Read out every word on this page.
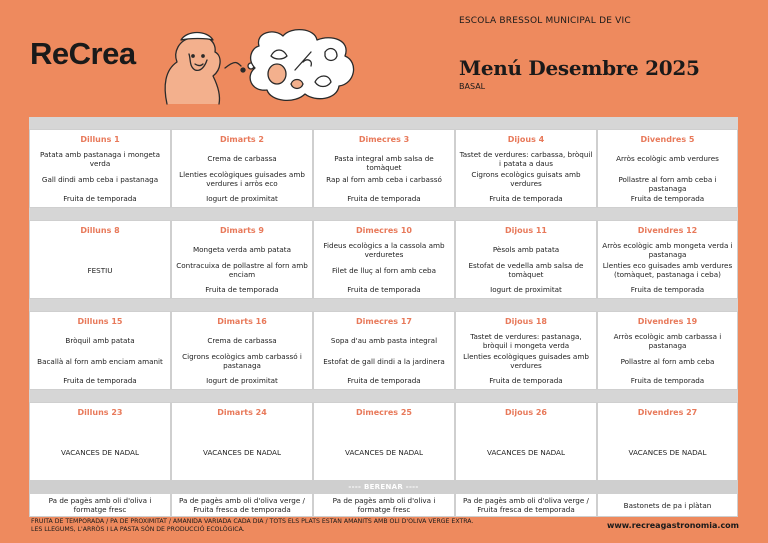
ReCrea
ESCOLA BRESSOL MUNICIPAL DE VIC
Menú Desembre 2025
BASAL
Dilluns 1
Patata amb pastanaga i mongeta verda
Gall dindi amb ceba i pastanaga
Fruita de temporada
Dimarts 2
Crema de carbassa
Llenties ecològiques guisades amb verdures i arròs eco
Iogurt de proximitat
Dimecres 3
Pasta integral amb salsa de tomàquet
Rap al forn amb ceba i carbassó
Fruita de temporada
Dijous 4
Tastet de verdures: carbassa, bròquil i patata a daus
Cigrons ecològics guisats amb verdures
Fruita de temporada
Divendres 5
Arròs ecològic amb verdures
Pollastre al forn amb ceba i pastanaga
Fruita de temporada
Dilluns 8
FESTIU
Dimarts 9
Mongeta verda amb patata
Contracuixa de pollastre al forn amb enciam
Fruita de temporada
Dimecres 10
Fideus ecològics a la cassola amb verduretes
Filet de lluç al forn amb ceba
Fruita de temporada
Dijous 11
Pèsols amb patata
Estofat de vedella amb salsa de tomàquet
Iogurt de proximitat
Divendres 12
Arròs ecològic amb mongeta verda i pastanaga
Llenties eco guisades amb verdures (tomàquet, pastanaga i ceba)
Fruita de temporada
Dilluns 15
Bròquil amb patata
Bacallà al forn amb enciam amanit
Fruita de temporada
Dimarts 16
Crema de carbassa
Cigrons ecològics amb carbassó i pastanaga
Iogurt de proximitat
Dimecres 17
Sopa d'au amb pasta integral
Estofat de gall dindi a la jardinera
Fruita de temporada
Dijous 18
Tastet de verdures: pastanaga, bròquil i mongeta verda
Llenties ecològiques guisades amb verdures
Fruita de temporada
Divendres 19
Arròs ecològic amb carbassa i pastanaga
Pollastre al forn amb ceba
Fruita de temporada
Dilluns 23
VACANCES DE NADAL
Dimarts 24
VACANCES DE NADAL
Dimecres 25
VACANCES DE NADAL
Dijous 26
VACANCES DE NADAL
Divendres 27
VACANCES DE NADAL
---- BERENAR ----
Pa de pagès amb oli d'oliva i formatge fresc
Pa de pagès amb oli d'oliva verge / Fruita fresca de temporada
Pa de pagès amb oli d'oliva i formatge fresc
Pa de pagès amb oli d'oliva verge / Fruita fresca de temporada	Bastonets de pa i plàtan
FRUITA DE TEMPORADA / PA DE PROXIMITAT / AMANIDA VARIADA CADA DIA / TOTS ELS PLATS ESTAN AMANITS AMB OLI D'OLIVA VERGE EXTRA.
LES LLEGUMS, L'ARRÒS I LA PASTA SÓN DE PRODUCCIÓ ECOLÒGICA.	www.recreagastronomia.com
